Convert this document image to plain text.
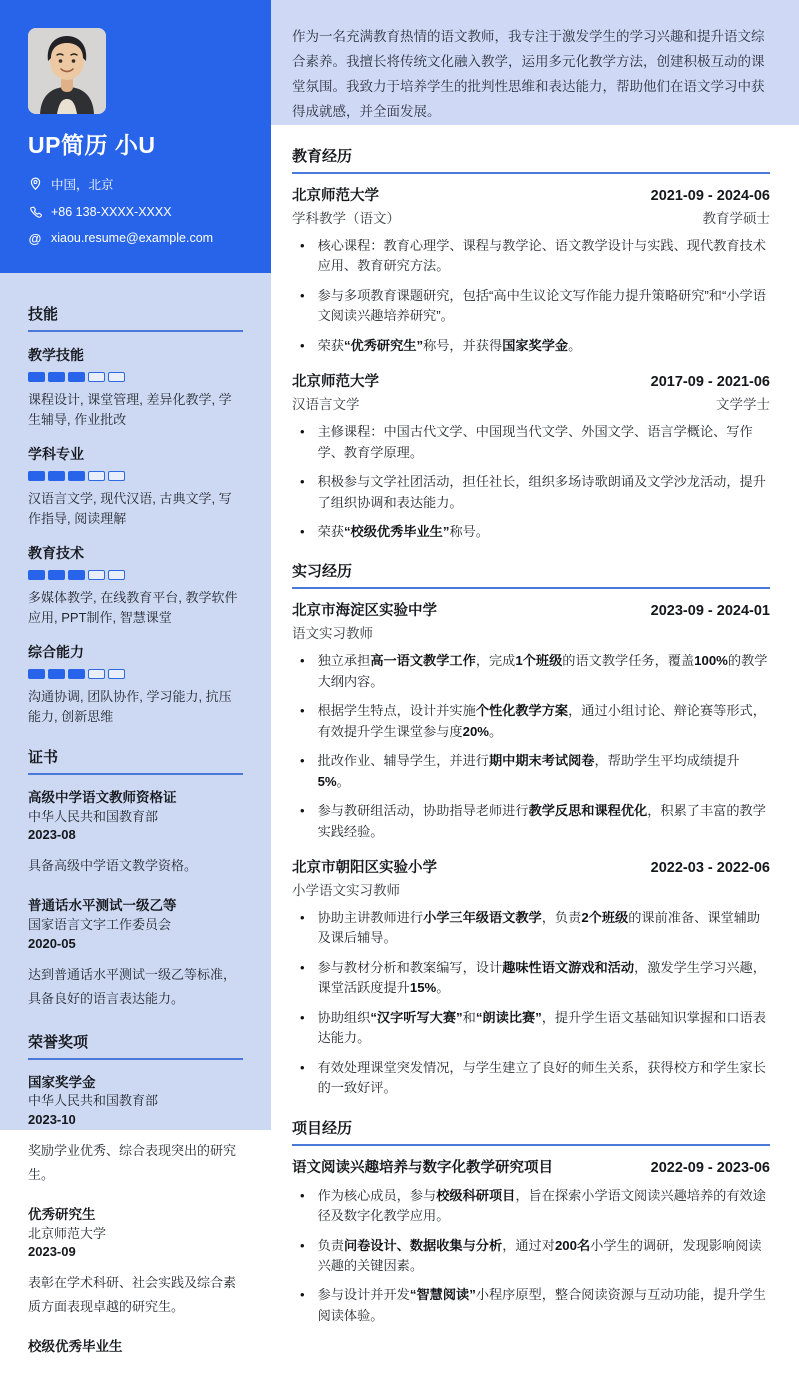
UP简历 小U
中国，北京
+86 138-XXXX-XXXX
@ xiaou.resume@example.com
技能
教学技能
课程设计, 课堂管理, 差异化教学, 学生辅导, 作业批改
学科专业
汉语言文学, 现代汉语, 古典文学, 写作指导, 阅读理解
教育技术
多媒体教学, 在线教育平台, 教学软件应用, PPT制作, 智慧课堂
综合能力
沟通协调, 团队协作, 学习能力, 抗压能力, 创新思维
证书
高级中学语文教师资格证
中华人民共和国教育部
2023-08
具备高级中学语文教学资格。
普通话水平测试一级乙等
国家语言文字工作委员会
2020-05
达到普通话水平测试一级乙等标准，具备良好的语言表达能力。
荣誉奖项
国家奖学金
中华人民共和国教育部
2023-10
奖励学业优秀、综合表现突出的研究生。
优秀研究生
北京师范大学
2023-09
表彰在学术科研、社会实践及综合素质方面表现卓越的研究生。
校级优秀毕业生
作为一名充满教育热情的语文教师，我专注于激发学生的学习兴趣和提升语文综合素养。我擅长将传统文化融入教学，运用多元化教学方法，创建积极互动的课堂氛围。我致力于培养学生的批判性思维和表达能力，帮助他们在语文学习中获得成就感，并全面发展。
教育经历
北京师范大学	2021-09 - 2024-06
学科教学（语文）	教育学硕士
• 核心课程：教育心理学、课程与教学论、语文教学设计与实践、现代教育技术应用、教育研究方法。
• 参与多项教育课题研究，包括“高中生议论文写作能力提升策略研究”和“小学语文阅读兴趣培养研究”。
• 荣获“优秀研究生”称号，并获得国家奖学金。
北京师范大学	2017-09 - 2021-06
汉语言文学	文学学士
• 主修课程：中国古代文学、中国现当代文学、外国文学、语言学概论、写作学、教育学原理。
• 积极参与文学社团活动，担任社长，组织多场诗歌朗诵及文学沙龙活动，提升了组织协调和表达能力。
• 荣获“校级优秀毕业生”称号。
实习经历
北京市海淀区实验中学	2023-09 - 2024-01
语文实习教师
• 独立承担高一语文教学工作，完成1个班级的语文教学任务，覆盖100%的教学大纲内容。
• 根据学生特点，设计并实施个性化教学方案，通过小组讨论、辩论赛等形式，有效提升学生课堂参与度20%。
• 批改作业、辅导学生，并进行期中期末考试阅卷，帮助学生平均成绩提升5%。
• 参与教研组活动，协助指导老师进行教学反思和课程优化，积累了丰富的教学实践经验。
北京市朝阳区实验小学	2022-03 - 2022-06
小学语文实习教师
• 协助主讲教师进行小学三年级语文教学，负责2个班级的课前准备、课堂辅助及课后辅导。
• 参与教材分析和教案编写，设计趣味性语文游戏和活动，激发学生学习兴趣，课堂活跃度提升15%。
• 协助组织“汉字听写大赛”和“朗读比赛”，提升学生语文基础知识掌握和口语表达能力。
• 有效处理课堂突发情况，与学生建立了良好的师生关系，获得校方和学生家长的一致好评。
项目经历
语文阅读兴趣培养与数字化教学研究项目	2022-09 - 2023-06
• 作为核心成员，参与校级科研项目，旨在探索小学语文阅读兴趣培养的有效途径及数字化教学应用。
• 负责问卷设计、数据收集与分析，通过对200名小学生的调研，发现影响阅读兴趣的关键因素。
• 参与设计并开发“智慧阅读”小程序原型，整合阅读资源与互动功能，提升学生阅读体验。
